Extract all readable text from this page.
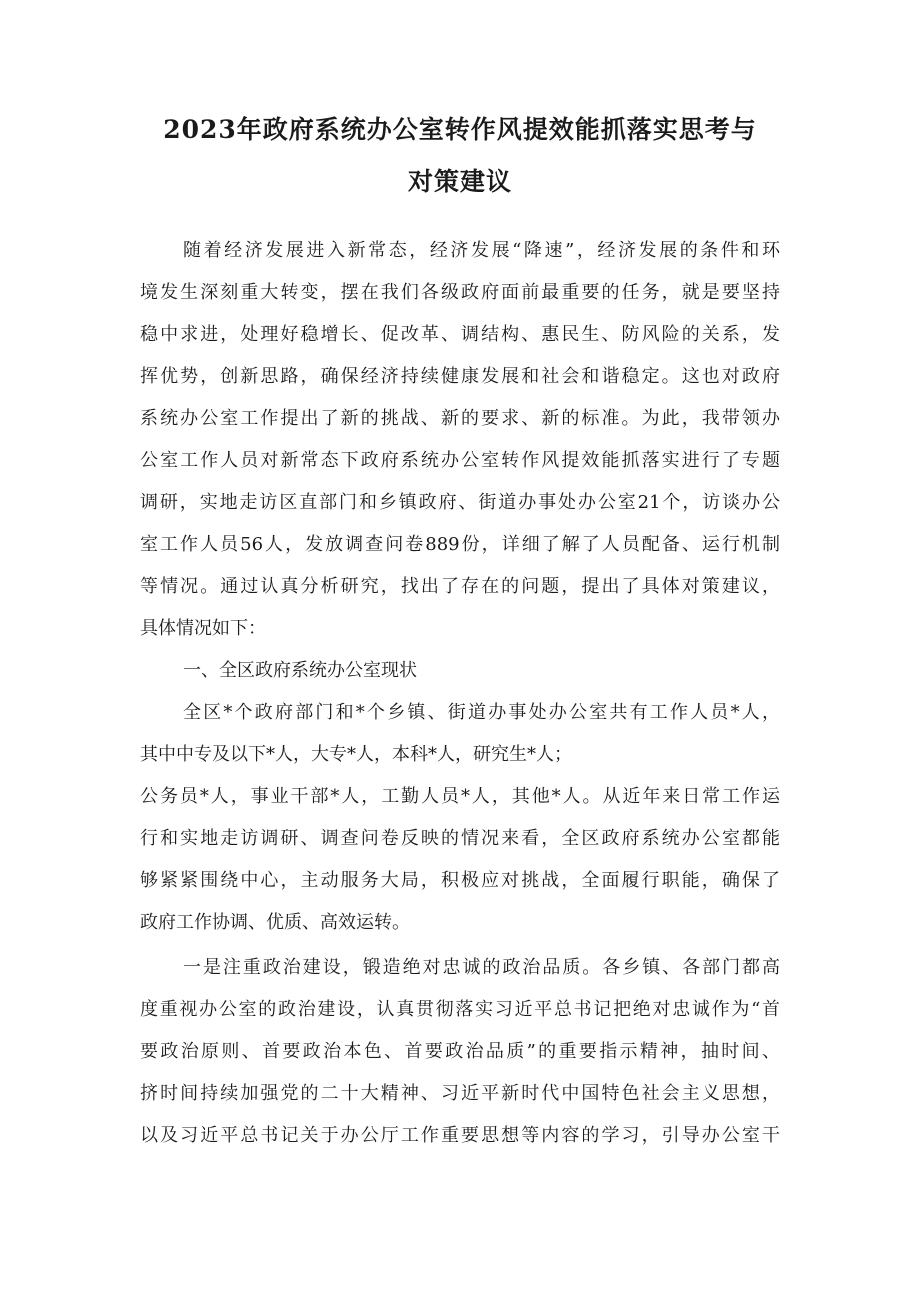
2023年政府系统办公室转作风提效能抓落实思考与
对策建议

随着经济发展进入新常态，经济发展“降速”，经济发展的条件和环

境发生深刻重大转变，摆在我们各级政府面前最重要的任务，就是要坚持

稳中求进，处理好稳增长、促改革、调结构、惠民生、防风险的关系，发

挥优势，创新思路，确保经济持续健康发展和社会和谐稳定。这也对政府

系统办公室工作提出了新的挑战、新的要求、新的标准。为此，我带领办

公室工作人员对新常态下政府系统办公室转作风提效能抓落实进行了专题

调研，实地走访区直部门和乡镇政府、街道办事处办公室21个，访谈办公

室工作人员56人，发放调查问卷889份，详细了解了人员配备、运行机制

等情况。通过认真分析研究，找出了存在的问题，提出了具体对策建议，

具体情况如下：

一、全区政府系统办公室现状

全区*个政府部门和*个乡镇、街道办事处办公室共有工作人员*人，

其中中专及以下*人，大专*人，本科*人，研究生*人；

公务员*人，事业干部*人，工勤人员*人，其他*人。从近年来日常工作运

行和实地走访调研、调查问卷反映的情况来看，全区政府系统办公室都能

够紧紧围绕中心，主动服务大局，积极应对挑战，全面履行职能，确保了

政府工作协调、优质、高效运转。

一是注重政治建设，锻造绝对忠诚的政治品质。各乡镇、各部门都高

度重视办公室的政治建设，认真贯彻落实习近平总书记把绝对忠诚作为“首

要政治原则、首要政治本色、首要政治品质”的重要指示精神，抽时间、

挤时间持续加强党的二十大精神、习近平新时代中国特色社会主义思想，

以及习近平总书记关于办公厅工作重要思想等内容的学习，引导办公室干
